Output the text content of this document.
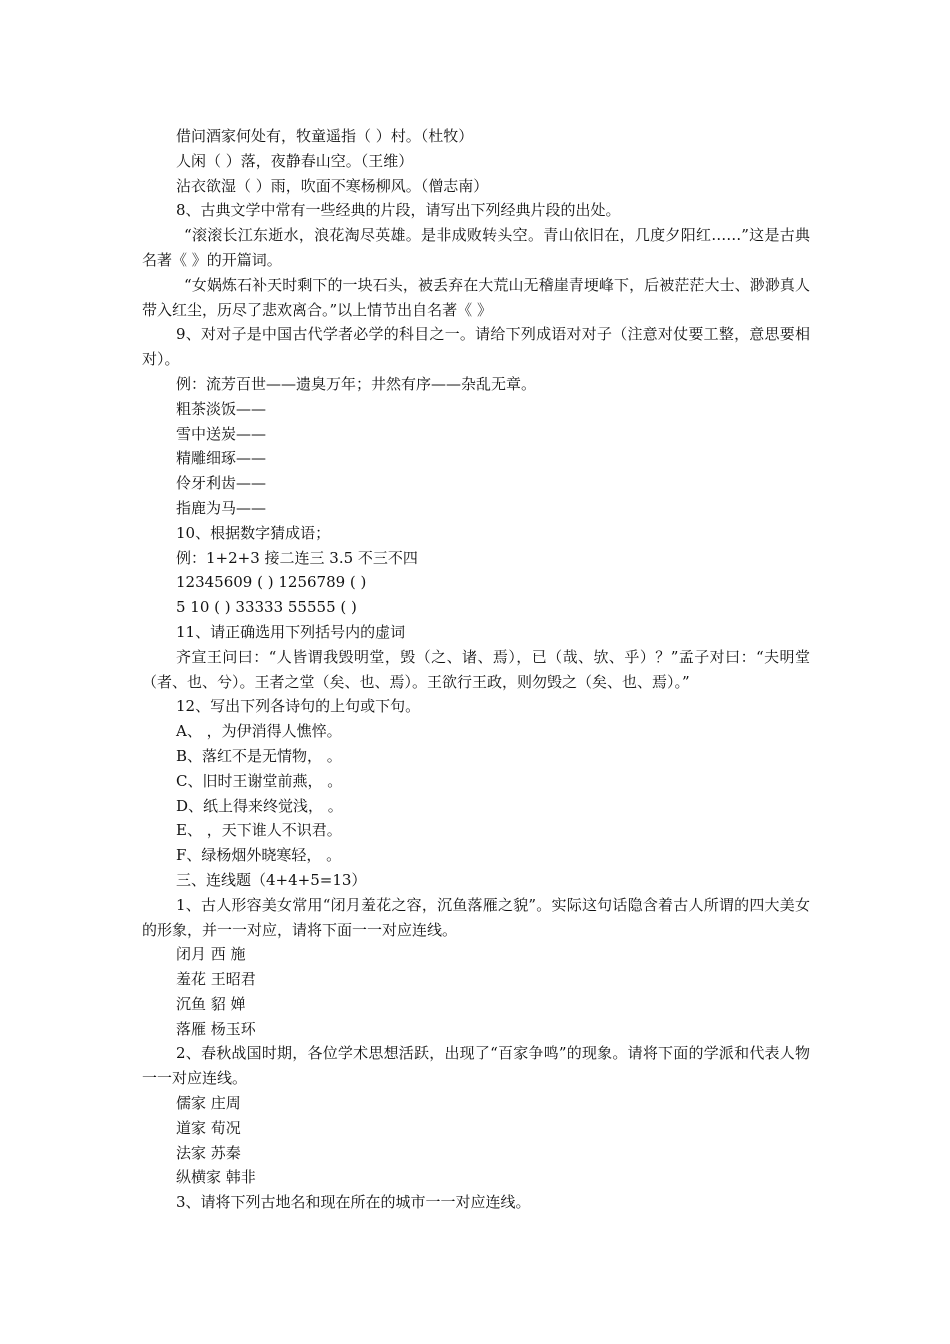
借问酒家何处有，牧童遥指（ ）村。（杜牧）

人闲（ ）落，夜静春山空。（王维）

沾衣欲湿（ ）雨，吹面不寒杨柳风。（僧志南）

8、古典文学中常有一些经典的片段，请写出下列经典片段的出处。

“滚滚长江东逝水，浪花淘尽英雄。是非成败转头空。青山依旧在，几度夕阳红……”这是古典名著《 》的开篇词。

“女娲炼石补天时剩下的一块石头，被丢弃在大荒山无稽崖青埂峰下，后被茫茫大士、渺渺真人带入红尘，历尽了悲欢离合。”以上情节出自名著《 》

9、对对子是中国古代学者必学的科目之一。请给下列成语对对子（注意对仗要工整，意思要相对）。

例：流芳百世——遗臭万年；井然有序——杂乱无章。

粗茶淡饭——

雪中送炭——

精雕细琢——

伶牙利齿——

指鹿为马——

10、根据数字猜成语；

例：1+2+3 接二连三 3.5 不三不四

12345609 ( ) 1256789 ( )

5 10 ( ) 33333 55555 ( )

11、请正确选用下列括号内的虚词

齐宣王问曰：“人皆谓我毁明堂，毁（之、诸、焉），已（哉、欤、乎）？”孟子对曰：“夫明堂（者、也、兮）。王者之堂（矣、也、焉）。王欲行王政，则勿毁之（矣、也、焉）。”

12、写出下列各诗句的上句或下句。

A、 ，为伊消得人憔悴。

B、落红不是无情物， 。

C、旧时王谢堂前燕， 。

D、纸上得来终觉浅， 。

E、 ，天下谁人不识君。

F、绿杨烟外晓寒轻， 。

三、连线题（4+4+5=13）

1、古人形容美女常用“闭月羞花之容，沉鱼落雁之貌”。实际这句话隐含着古人所谓的四大美女的形象，并一一对应，请将下面一一对应连线。

闭月 西 施

羞花 王昭君

沉鱼 貂 婵

落雁 杨玉环

2、春秋战国时期，各位学术思想活跃，出现了“百家争鸣”的现象。请将下面的学派和代表人物一一对应连线。

儒家 庄周

道家 荀况

法家 苏秦

纵横家 韩非

3、请将下列古地名和现在所在的城市一一对应连线。
